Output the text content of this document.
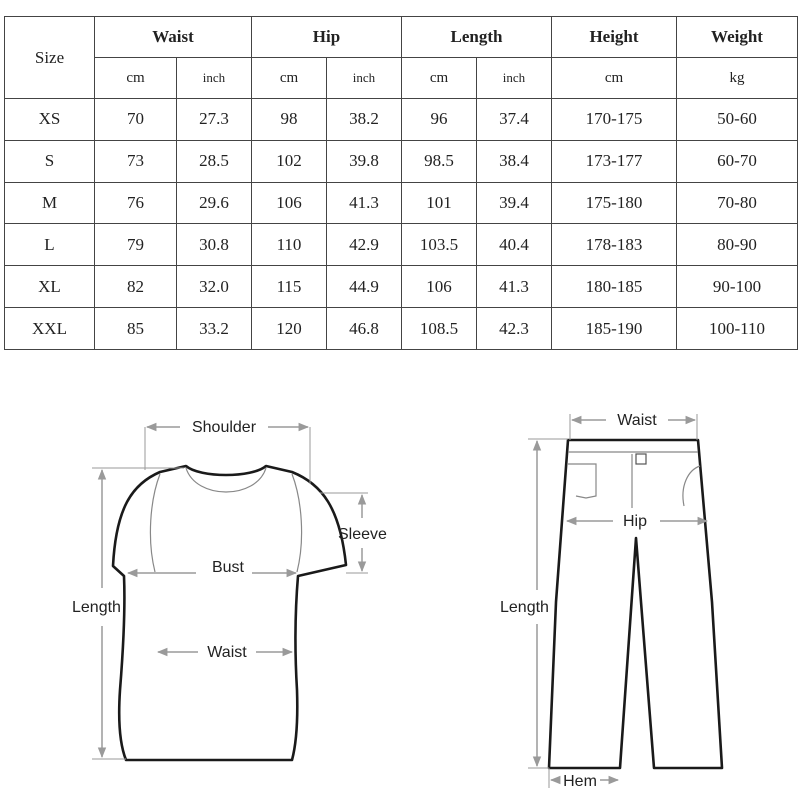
Size	Waist		Hip		Length		Height	Weight
	cm	inch	cm	inch	cm	inch	cm	kg
XS	70	27.3	98	38.2	96	37.4	170-175	50-60
S	73	28.5	102	39.8	98.5	38.4	173-177	60-70
M	76	29.6	106	41.3	101	39.4	175-180	70-80
L	79	30.8	110	42.9	103.5	40.4	178-183	80-90
XL	82	32.0	115	44.9	106	41.3	180-185	90-100
XXL	85	33.2	120	46.8	108.5	42.3	185-190	100-110
Shoulder
Sleeve
Bust
Waist
Length
Waist
Hip
Length
Hem
